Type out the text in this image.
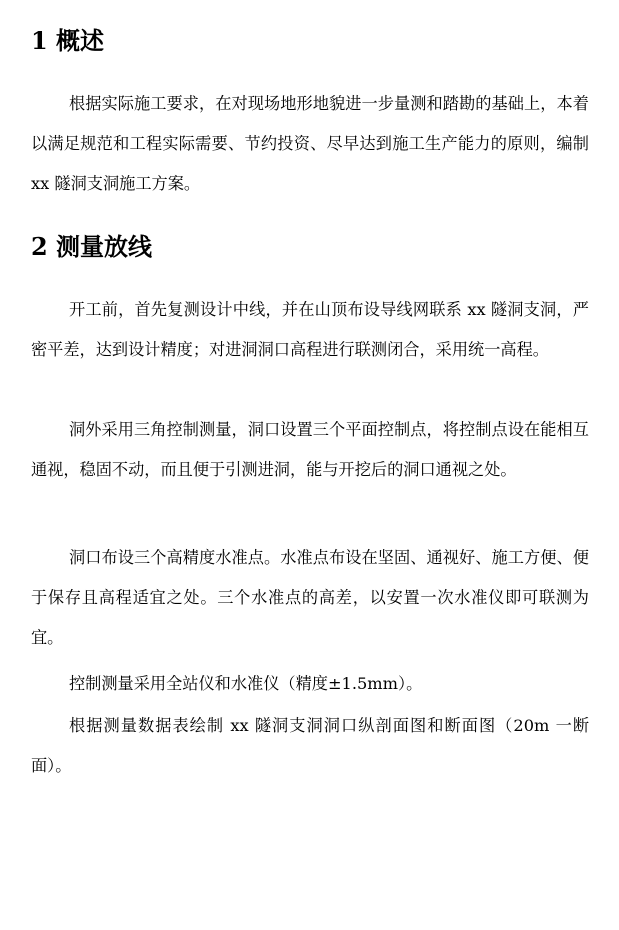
1 概述

根据实际施工要求，在对现场地形地貌进一步量测和踏勘的基础上，本着以满足规范和工程实际需要、节约投资、尽早达到施工生产能力的原则，编制 xx 隧洞支洞施工方案。

2 测量放线

开工前，首先复测设计中线，并在山顶布设导线网联系 xx 隧洞支洞，严密平差，达到设计精度；对进洞洞口高程进行联测闭合，采用统一高程。

洞外采用三角控制测量，洞口设置三个平面控制点，将控制点设在能相互通视，稳固不动，而且便于引测进洞，能与开挖后的洞口通视之处。

洞口布设三个高精度水准点。水准点布设在坚固、通视好、施工方便、便于保存且高程适宜之处。三个水准点的高差，以安置一次水准仪即可联测为宜。

控制测量采用全站仪和水准仪（精度±1.5mm）。

根据测量数据表绘制 xx 隧洞支洞洞口纵剖面图和断面图（20m 一断面）。
